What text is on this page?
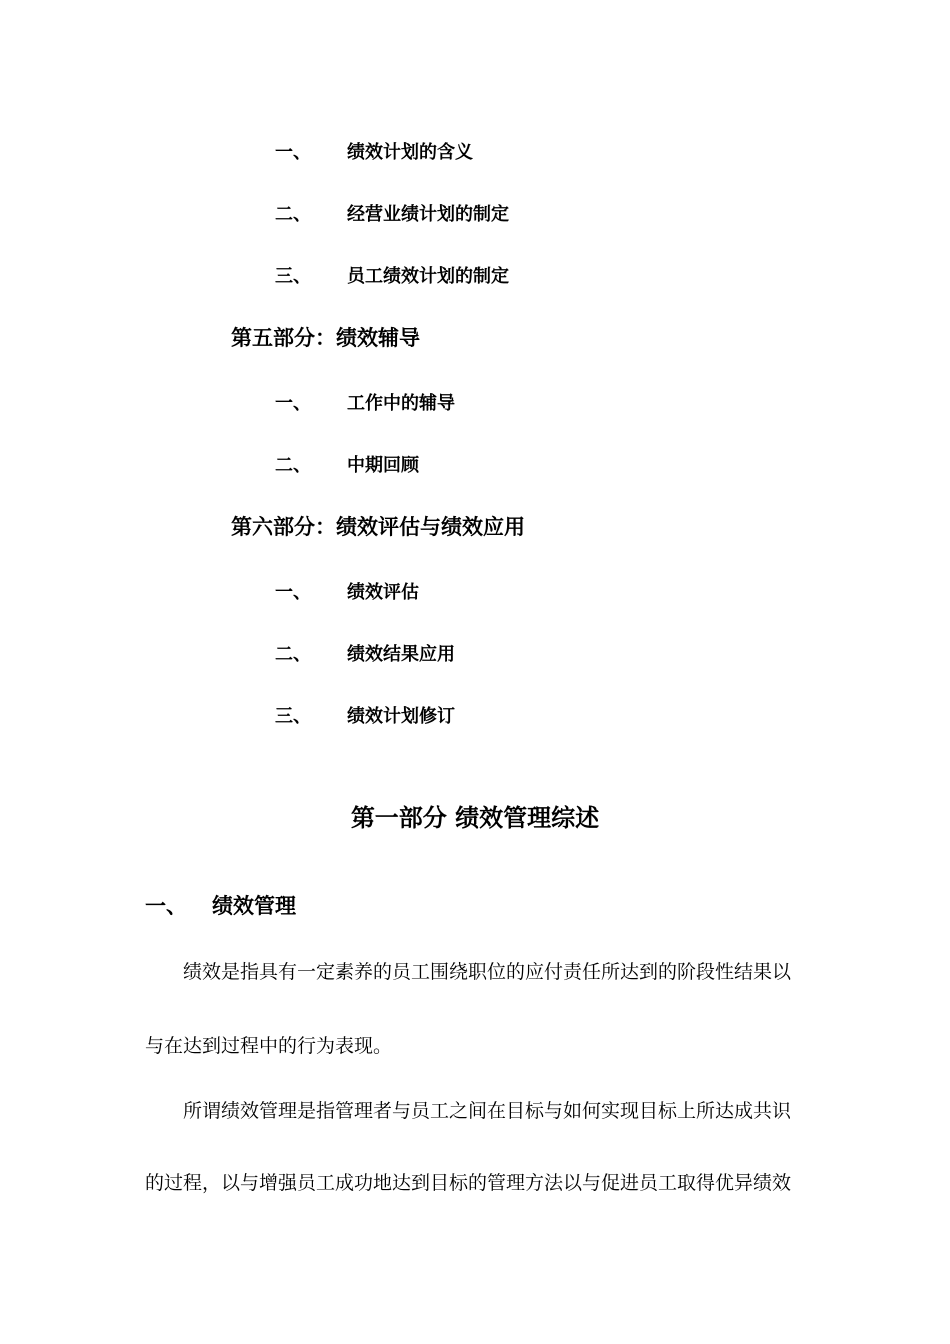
一、 绩效计划的含义
二、 经营业绩计划的制定
三、 员工绩效计划的制定
第五部分：绩效辅导
一、 工作中的辅导
二、 中期回顾
第六部分：绩效评估与绩效应用
一、 绩效评估
二、 绩效结果应用
三、 绩效计划修订
第一部分 绩效管理综述
一、 绩效管理
绩效是指具有一定素养的员工围绕职位的应付责任所达到的阶段性结果以
与在达到过程中的行为表现。
所谓绩效管理是指管理者与员工之间在目标与如何实现目标上所达成共识
的过程，以与增强员工成功地达到目标的管理方法以与促进员工取得优异绩效
